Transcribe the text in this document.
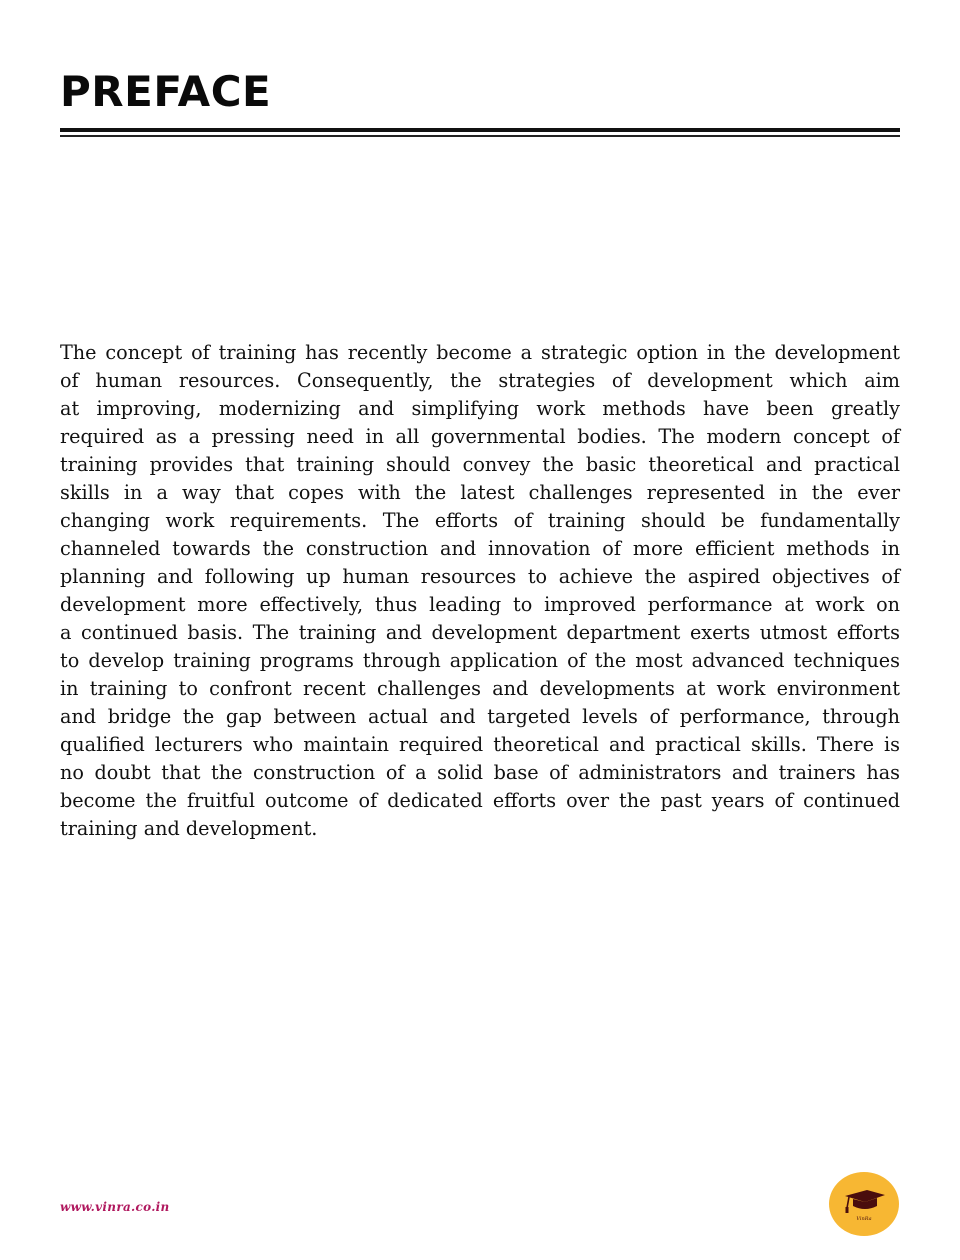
PREFACE
The concept of training has recently become a strategic option in the development
of human resources. Consequently, the strategies of development which aim
at improving, modernizing and simplifying work methods have been greatly
required as a pressing need in all governmental bodies. The modern concept of
training provides that training should convey the basic theoretical and practical
skills in a way that copes with the latest challenges represented in the ever
changing work requirements. The efforts of training should be fundamentally
channeled towards the construction and innovation of more efficient methods in
planning and following up human resources to achieve the aspired objectives of
development more effectively, thus leading to improved performance at work on
a continued basis. The training and development department exerts utmost efforts
to develop training programs through application of the most advanced techniques
in training to confront recent challenges and developments at work environment
and bridge the gap between actual and targeted levels of performance, through
qualified lecturers who maintain required theoretical and practical skills. There is
no doubt that the construction of a solid base of administrators and trainers has
become the fruitful outcome of dedicated efforts over the past years of continued
training and development.
www.vinra.co.in
VinRa
